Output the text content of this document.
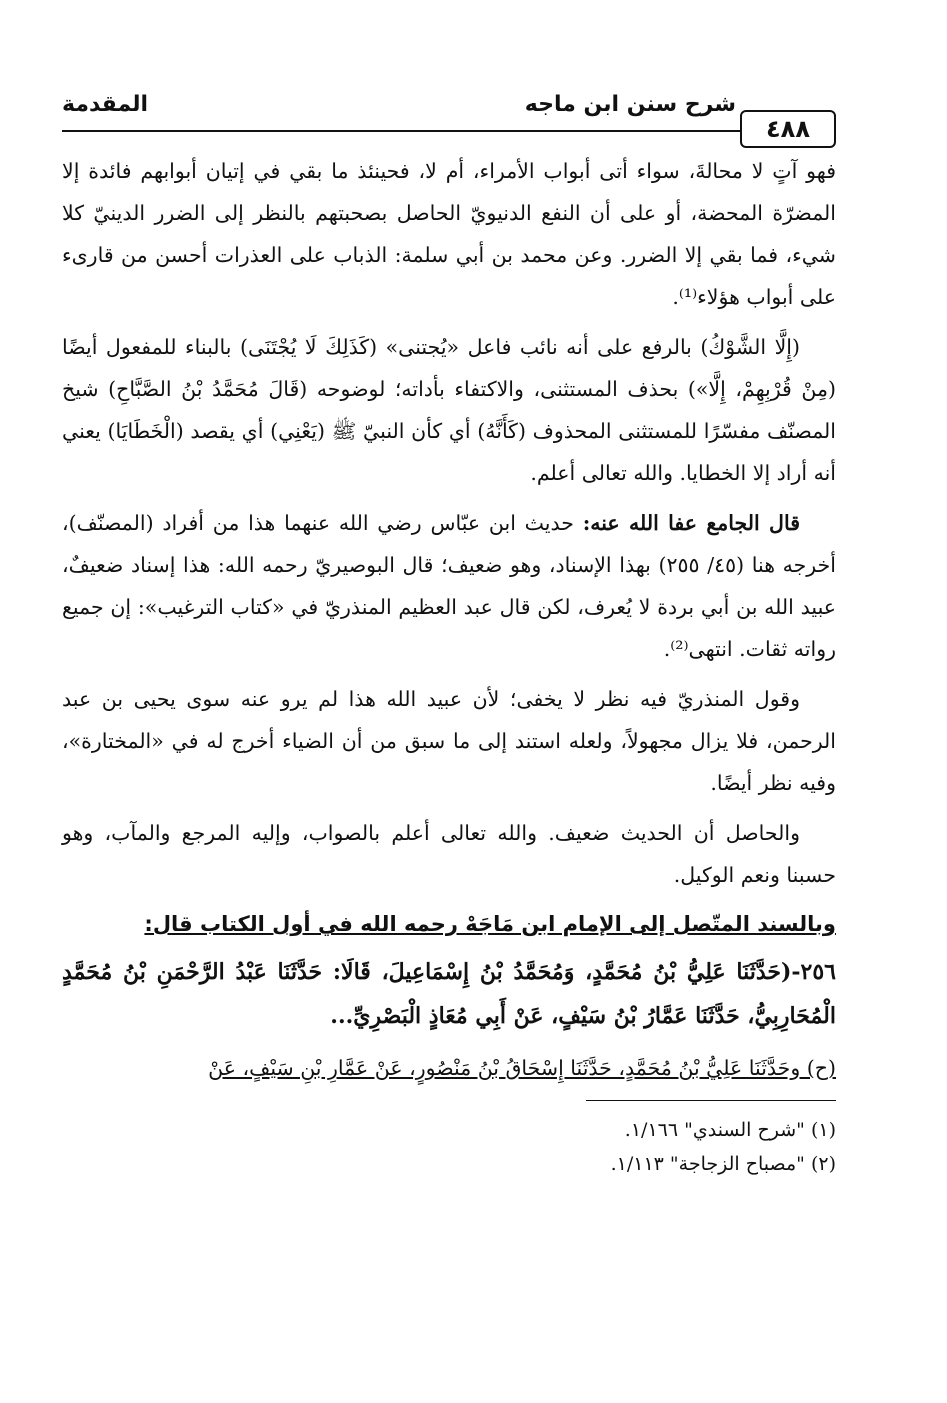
٤٨٨
شرح سنن ابن ماجه
المقدمة

فهو آتٍ لا محالةَ، سواء أتى أبواب الأمراء، أم لا، فحينئذ ما بقي في إتيان أبوابهم فائدة إلا المضرّة المحضة، أو على أن النفع الدنيويّ الحاصل بصحبتهم بالنظر إلى الضرر الدينيّ كلا شيء، فما بقي إلا الضرر. وعن محمد بن أبي سلمة: الذباب على العذرات أحسن من قارىء على أبواب هؤلاء⁽¹⁾.

(إِلَّا الشَّوْكُ) بالرفع على أنه نائب فاعل «يُجتنى» (كَذَلِكَ لَا يُجْتَنَى) بالبناء للمفعول أيضًا (مِنْ قُرْبِهِمْ، إِلَّا») بحذف المستثنى، والاكتفاء بأداته؛ لوضوحه (قَالَ مُحَمَّدُ بْنُ الصَّبَّاحِ) شيخ المصنّف مفسّرًا للمستثنى المحذوف (كَأَنَّهُ) أي كأن النبيّ ﷺ (يَعْنِي) أي يقصد (الْخَطَايَا) يعني أنه أراد إلا الخطايا. والله تعالى أعلم.

قال الجامع عفا الله عنه: حديث ابن عبّاس رضي الله عنهما هذا من أفراد (المصنّف)، أخرجه هنا (٤٥/ ٢٥٥) بهذا الإسناد، وهو ضعيف؛ قال البوصيريّ رحمه الله: هذا إسناد ضعيفٌ، عبيد الله بن أبي بردة لا يُعرف، لكن قال عبد العظيم المنذريّ في «كتاب الترغيب»: إن جميع رواته ثقات. انتهى⁽²⁾.

وقول المنذريّ فيه نظر لا يخفى؛ لأن عبيد الله هذا لم يرو عنه سوى يحيى بن عبد الرحمن، فلا يزال مجهولاً، ولعله استند إلى ما سبق من أن الضياء أخرج له في «المختارة»، وفيه نظر أيضًا.

والحاصل أن الحديث ضعيف. والله تعالى أعلم بالصواب، وإليه المرجع والمآب، وهو حسبنا ونعم الوكيل.

وبالسند المتّصل إلى الإمام ابن مَاجَهْ رحمه الله في أول الكتاب قال:

٢٥٦-(حَدَّثَنَا عَلِيُّ بْنُ مُحَمَّدٍ، وَمُحَمَّدُ بْنُ إِسْمَاعِيلَ، قَالَا: حَدَّثَنَا عَبْدُ الرَّحْمَنِ بْنُ مُحَمَّدٍ الْمُحَارِبِيُّ، حَدَّثَنَا عَمَّارُ بْنُ سَيْفٍ، عَنْ أَبِي مُعَاذٍ الْبَصْرِيِّ...

(ح) وحَدَّثَنَا عَلِيُّ بْنُ مُحَمَّدٍ، حَدَّثَنَا إِسْحَاقُ بْنُ مَنْصُورٍ، عَنْ عَمَّارِ بْنِ سَيْفٍ، عَنْ

(١) "شرح السندي" ١/١٦٦.
(٢) "مصباح الزجاجة" ١/١١٣.
